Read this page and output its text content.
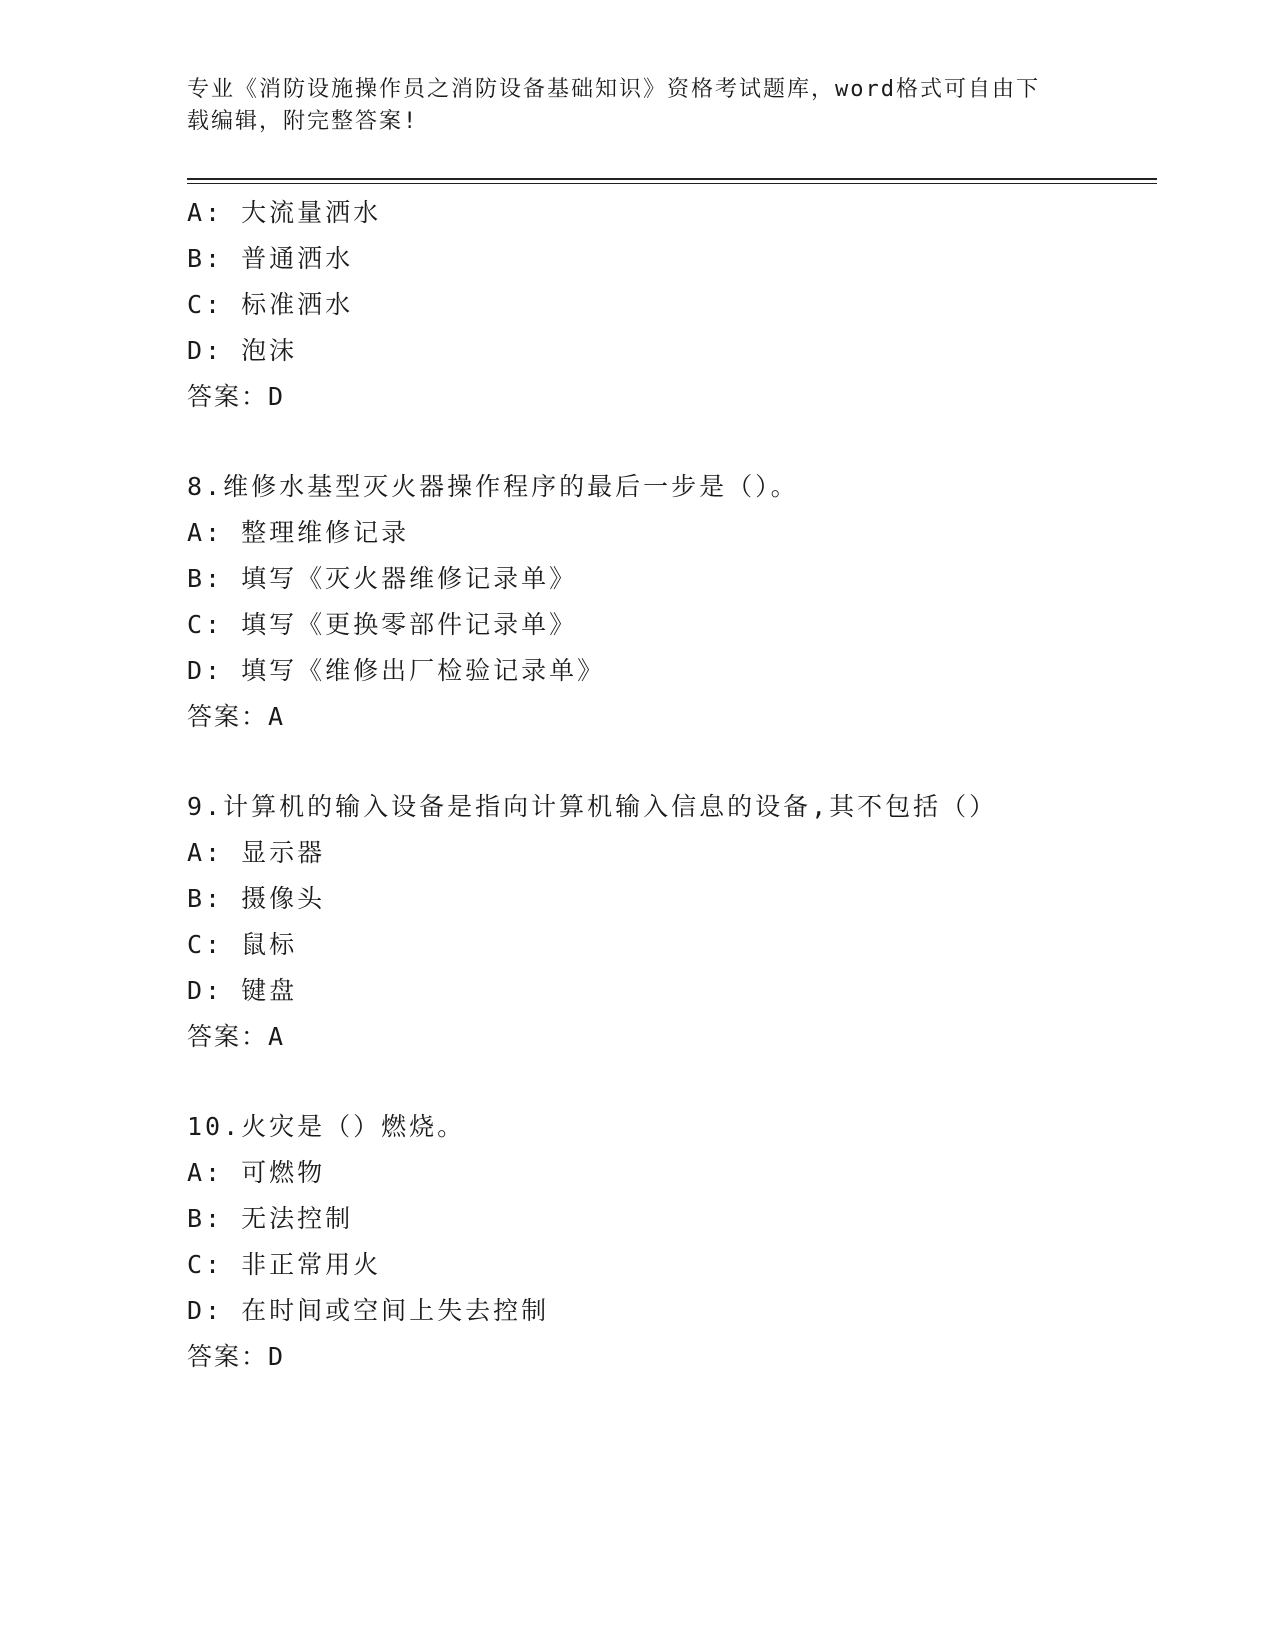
专业《消防设施操作员之消防设备基础知识》资格考试题库，word格式可自由下
载编辑，附完整答案!
A: 大流量洒水
B: 普通洒水
C: 标准洒水
D: 泡沫
答案：D
8.维修水基型灭火器操作程序的最后一步是（）。
A: 整理维修记录
B: 填写《灭火器维修记录单》
C: 填写《更换零部件记录单》
D: 填写《维修出厂检验记录单》
答案：A
9.计算机的输入设备是指向计算机输入信息的设备,其不包括（）
A: 显示器
B: 摄像头
C: 鼠标
D: 键盘
答案：A
10.火灾是（）燃烧。
A: 可燃物
B: 无法控制
C: 非正常用火
D: 在时间或空间上失去控制
答案：D
